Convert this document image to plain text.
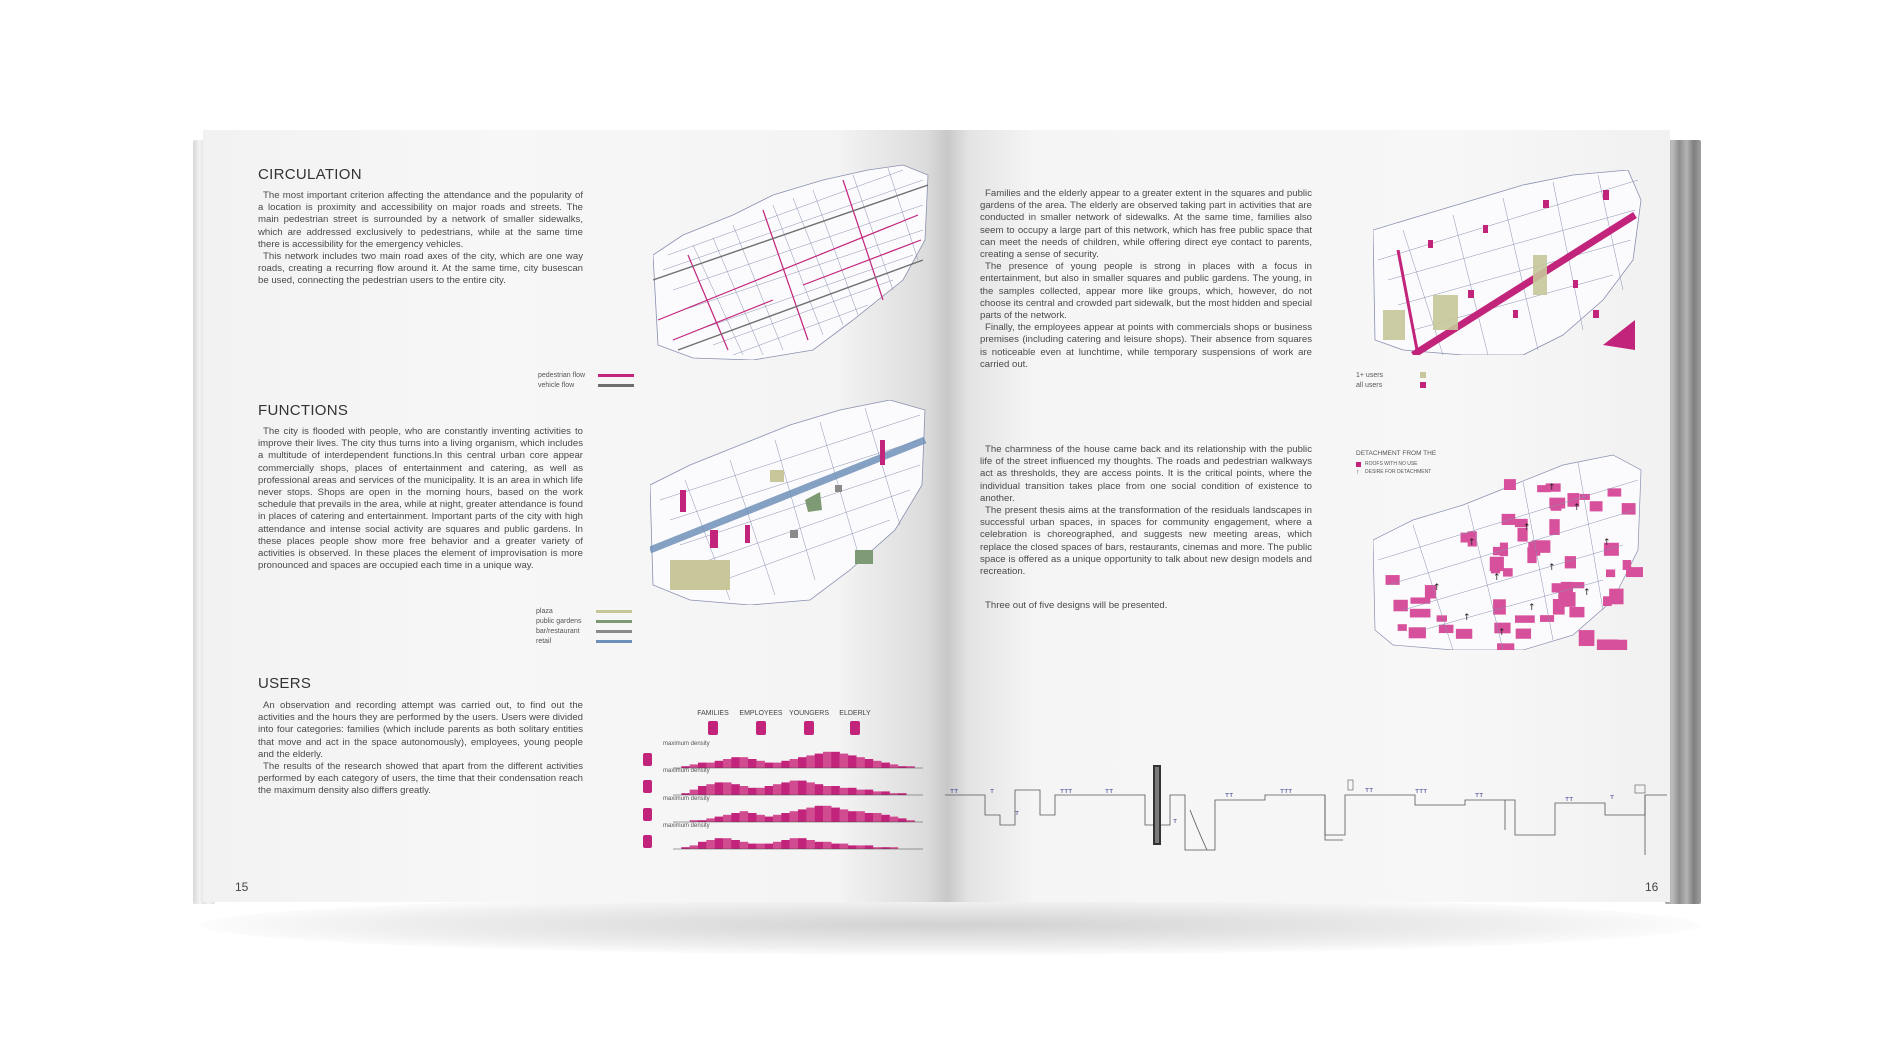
CIRCULATION

The most important criterion affecting the attendance and the popularity of a location is proximity and accessibility on major roads and streets. The main pedestrian street is surrounded by a network of smaller sidewalks, which are addressed exclusively to pedestrians, while at the same time there is accessibility for the emergency vehicles.

This network includes two main road axes of the city, which are one way roads, creating a recurring flow around it. At the same time, city busescan be used, connecting the pedestrian users to the entire city.

pedestrian flow
vehicle flow
FUNCTIONS

The city is flooded with people, who are constantly inventing activities to improve their lives. The city thus turns into a living organism, which includes a multitude of interdependent functions.In this central urban core appear commercially shops, places of entertainment and catering, as well as professional areas and services of the municipality. It is an area in which life never stops. Shops are open in the morning hours, based on the work schedule that prevails in the area, while at night, greater attendance is found in places of catering and entertainment. Important parts of the city with high attendance and intense social activity are squares and public gardens. In these places people show more free behavior and a greater variety of activities is observed. In these places the element of improvisation is more pronounced and spaces are occupied each time in a unique way.

plaza
public gardens
bar/restaurant
retail
USERS

An observation and recording attempt was carried out, to find out the activities and the hours they are performed by the users. Users were divided into four categories: families (which include parents as both solitary entities that move and act in the space autonomously), employees, young people and the elderly.

The results of the research showed that apart from the different activities performed by each category of users, the time that their condensation reach the maximum density also differs greatly.

FAMILIES	EMPLOYEES YOUNGERS	ELDERLY
maximum density
maximum density
maximum density
maximum density
15

Families and the elderly appear to a greater extent in the squares and public gardens of the area. The elderly are observed taking part in activities that are conducted in smaller network of sidewalks. At the same time, families also seem to occupy a large part of this network, which has free public space that can meet the needs of children, while offering direct eye contact to parents, creating a sense of security.

The presence of young people is strong in places with a focus in entertainment, but also in smaller squares and public gardens. The young, in the samples collected, appear more like groups, which, however, do not choose its central and crowded part sidewalk, but the most hidden and special parts of the network.

Finally, the employees appear at points with commercials shops or business premises (including catering and leisure shops). Their absence from squares is noticeable even at lunchtime, while temporary suspensions of work are carried out.

The charmness of the house came back and its relationship with the public life of the street influenced my thoughts. The roads and pedestrian walkways act as thresholds, they are access points. It is the critical points, where the individual transition takes place from one social condition of existence to another.

The present thesis aims at the transformation of the residuals landscapes in successful urban spaces, in spaces for community engagement, where a celebration is choreographed, and suggests new meeting areas, which replace the closed spaces of bars, restaurants, cinemas and more. The public space is offered as a unique opportunity to talk about new design models and recreation.

Three out of five designs will be presented.

1+ users
all users
DETACHMENT FROM THE
ROOFS WITH NO USE
↑	DESIRE FOR DETACHMENT
↑
↑
↑
↑
↑
↑
↑
↑
↑
↑
↑
↑
16
ᴛᴛ	ᴛ	ᴛᴛᴛ	ᴛᴛ	ᴛᴛ	ᴛᴛᴛ	ᴛᴛ	ᴛᴛᴛ	ᴛᴛ	ᴛᴛ	ᴛ
ᴛ
ᴛ
